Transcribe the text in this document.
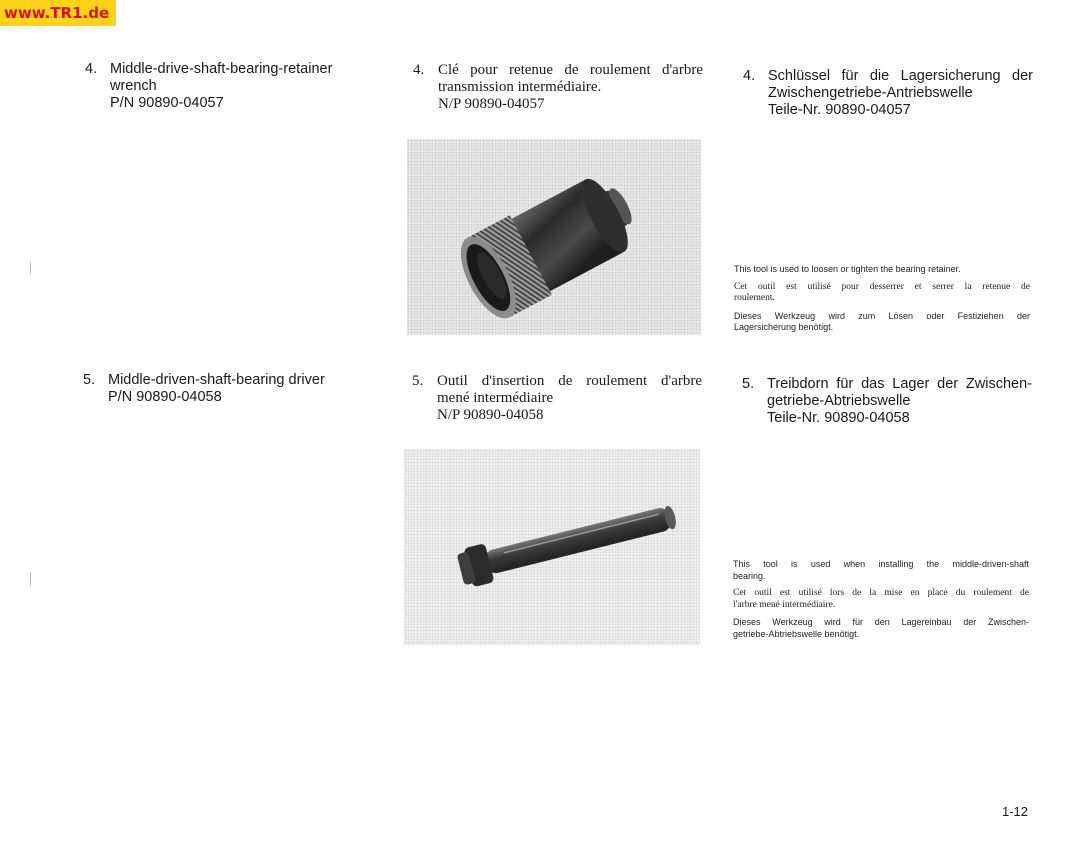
www.TR1.de
4. Middle-drive-shaft-bearing-retainer
wrench
P/N 90890-04057
4. Clé pour retenue de roulement d'arbre
transmission intermédiaire.
N/P 90890-04057
4. Schlüssel für die Lagersicherung der
Zwischengetriebe-Antriebswelle
Teile-Nr. 90890-04057

This tool is used to loosen or tighten the bearing retainer.

Cet outil est utilisé pour desserrer et serrer la retenue de
roulement.

Dieses Werkzeug wird zum Lösen oder Festiziehen der
Lagersicherung benötigt.

5. Middle-driven-shaft-bearing driver
P/N 90890-04058
5. Outil d'insertion de roulement d'arbre
mené intermédiaire
N/P 90890-04058
5. Treibdorn für das Lager der Zwischen-
getriebe-Abtriebswelle
Teile-Nr. 90890-04058

This tool is used when installing the middle-driven-shaft
bearing.

Cet outil est utilisé lors de la mise en place du roulement de
l'arbre mené intermédiaire.

Dieses Werkzeug wird für den Lagereinbau der Zwischen-
getriebe-Abtriebswelle benötigt.

1-12
